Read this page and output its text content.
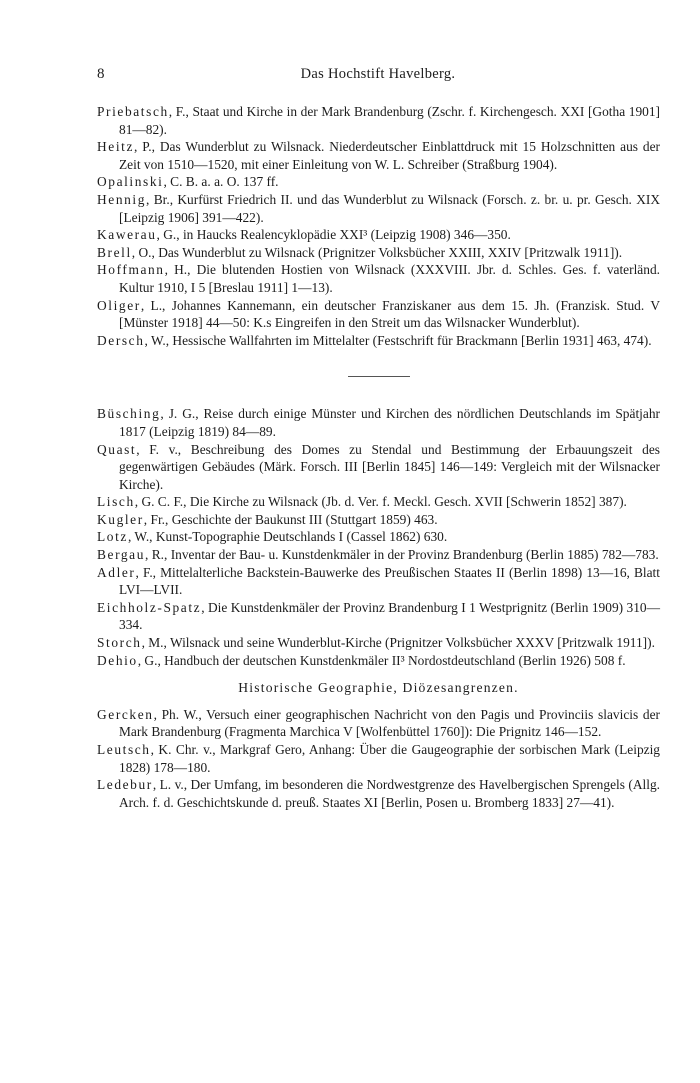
8	Das Hochstift Havelberg.

Priebatsch, F., Staat und Kirche in der Mark Brandenburg (Zschr. f. Kirchengesch. XXI [Gotha 1901] 81—82).

Heitz, P., Das Wunderblut zu Wilsnack. Niederdeutscher Einblattdruck mit 15 Holzschnitten aus der Zeit von 1510—1520, mit einer Einleitung von W. L. Schreiber (Straßburg 1904).

Opalinski, C. B. a. a. O. 137 ff.

Hennig, Br., Kurfürst Friedrich II. und das Wunderblut zu Wilsnack (Forsch. z. br. u. pr. Gesch. XIX [Leipzig 1906] 391—422).

Kawerau, G., in Haucks Realencyklopädie XXI³ (Leipzig 1908) 346—350.

Brell, O., Das Wunderblut zu Wilsnack (Prignitzer Volksbücher XXIII, XXIV [Pritzwalk 1911]).

Hoffmann, H., Die blutenden Hostien von Wilsnack (XXXVIII. Jbr. d. Schles. Ges. f. vaterländ. Kultur 1910, I 5 [Breslau 1911] 1—13).

Oliger, L., Johannes Kannemann, ein deutscher Franziskaner aus dem 15. Jh. (Franzisk. Stud. V [Münster 1918] 44—50: K.s Eingreifen in den Streit um das Wilsnacker Wunderblut).

Dersch, W., Hessische Wallfahrten im Mittelalter (Festschrift für Brackmann [Berlin 1931] 463, 474).

Büsching, J. G., Reise durch einige Münster und Kirchen des nördlichen Deutschlands im Spätjahr 1817 (Leipzig 1819) 84—89.

Quast, F. v., Beschreibung des Domes zu Stendal und Bestimmung der Erbauungszeit des gegenwärtigen Gebäudes (Märk. Forsch. III [Berlin 1845] 146—149: Vergleich mit der Wilsnacker Kirche).

Lisch, G. C. F., Die Kirche zu Wilsnack (Jb. d. Ver. f. Meckl. Gesch. XVII [Schwerin 1852] 387).

Kugler, Fr., Geschichte der Baukunst III (Stuttgart 1859) 463.

Lotz, W., Kunst-Topographie Deutschlands I (Cassel 1862) 630.

Bergau, R., Inventar der Bau- u. Kunstdenkmäler in der Provinz Brandenburg (Berlin 1885) 782—783.

Adler, F., Mittelalterliche Backstein-Bauwerke des Preußischen Staates II (Berlin 1898) 13—16, Blatt LVI—LVII.

Eichholz-Spatz, Die Kunstdenkmäler der Provinz Brandenburg I 1 Westprignitz (Berlin 1909) 310—334.

Storch, M., Wilsnack und seine Wunderblut-Kirche (Prignitzer Volksbücher XXXV [Pritzwalk 1911]).

Dehio, G., Handbuch der deutschen Kunstdenkmäler II³ Nordostdeutschland (Berlin 1926) 508 f.

Historische Geographie, Diözesangrenzen.

Gercken, Ph. W., Versuch einer geographischen Nachricht von den Pagis und Provinciis slavicis der Mark Brandenburg (Fragmenta Marchica V [Wolfenbüttel 1760]): Die Prignitz 146—152.

Leutsch, K. Chr. v., Markgraf Gero, Anhang: Über die Gaugeographie der sorbischen Mark (Leipzig 1828) 178—180.

Ledebur, L. v., Der Umfang, im besonderen die Nordwestgrenze des Havelbergischen Sprengels (Allg. Arch. f. d. Geschichtskunde d. preuß. Staates XI [Berlin, Posen u. Bromberg 1833] 27—41).
